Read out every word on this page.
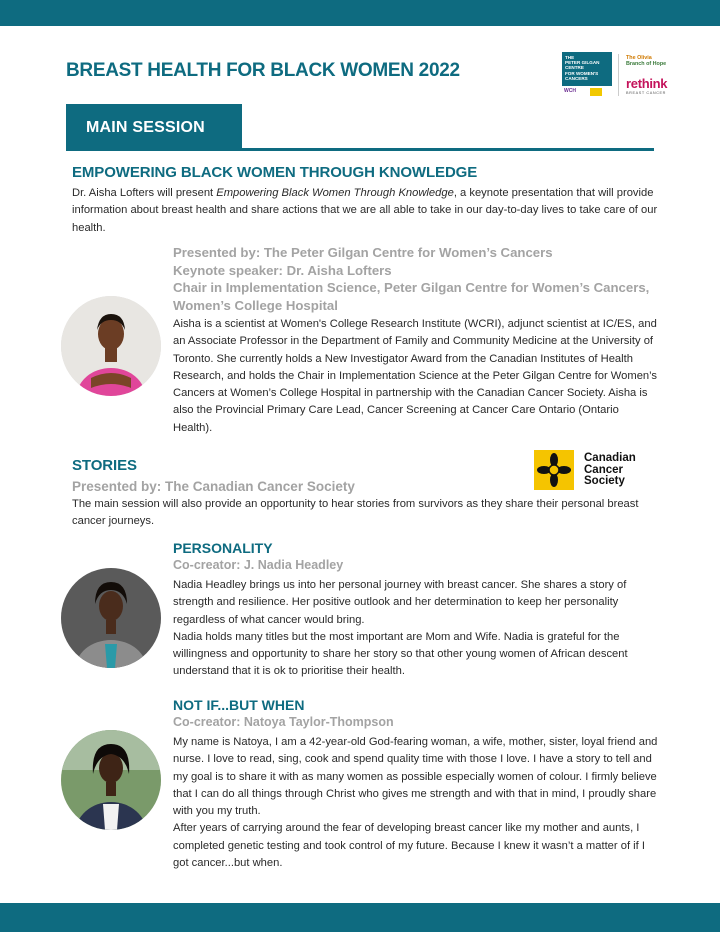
BREAST HEALTH FOR BLACK WOMEN 2022
THE
PETER GILGAN
CENTRE
FOR WOMEN'S
CANCERS
WCH
The Olivia
Branch of Hope
rethink
BREAST CANCER
MAIN SESSION
EMPOWERING BLACK WOMEN THROUGH KNOWLEDGE
Dr. Aisha Lofters will present Empowering Black Women Through Knowledge, a keynote presentation that will provide information about breast health and share actions that we are all able to take in our day-to-day lives to take care of our health.
Presented by: The Peter Gilgan Centre for Women’s Cancers
Keynote speaker: Dr. Aisha Lofters
Chair in Implementation Science, Peter Gilgan Centre for Women’s Cancers, Women’s College Hospital
Aisha is a scientist at Women's College Research Institute (WCRI), adjunct scientist at IC/ES, and an Associate Professor in the Department of Family and Community Medicine at the University of Toronto. She currently holds a New Investigator Award from the Canadian Institutes of Health Research, and holds the Chair in Implementation Science at the Peter Gilgan Centre for Women’s Cancers at Women’s College Hospital in partnership with the Canadian Cancer Society. Aisha is also the Provincial Primary Care Lead, Cancer Screening at Cancer Care Ontario (Ontario Health).
STORIES
Presented by: The Canadian Cancer Society
The main session will also provide an opportunity to hear stories from survivors as they share their personal breast cancer journeys.
Canadian
Cancer
Society
PERSONALITY
Co-creator: J. Nadia Headley
Nadia Headley brings us into her personal journey with breast cancer. She shares a story of strength and resilience. Her positive outlook and her determination to keep her personality regardless of what cancer would bring.
Nadia holds many titles but the most important are Mom and Wife. Nadia is grateful for the willingness and opportunity to share her story so that other young women of African descent understand that it is ok to prioritise their health.
NOT IF...BUT WHEN
Co-creator: Natoya Taylor-Thompson
My name is Natoya, I am a 42-year-old God-fearing woman, a wife, mother, sister, loyal friend and nurse. I love to read, sing, cook and spend quality time with those I love. I have a story to tell and my goal is to share it with as many women as possible especially women of colour. I firmly believe that I can do all things through Christ who gives me strength and with that in mind, I proudly share with you my truth.
After years of carrying around the fear of developing breast cancer like my mother and aunts, I completed genetic testing and took control of my future. Because I knew it wasn’t a matter of if I got cancer...but when.
